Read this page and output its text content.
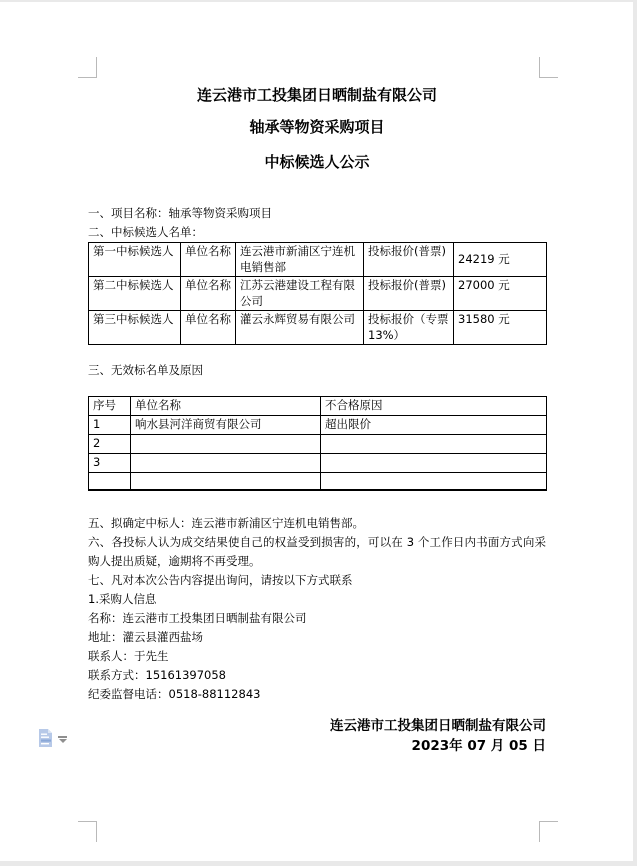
连云港市工投集团日晒制盐有限公司
轴承等物资采购项目
中标候选人公示

一、项目名称：轴承等物资采购项目

二、中标候选人名单：

第一中标候选人	单位名称	连云港市新浦区宁连机电销售部	投标报价(普票)	24219 元
第二中标候选人	单位名称	江苏云港建设工程有限公司	投标报价(普票)	27000 元
第三中标候选人	单位名称	灌云永辉贸易有限公司	投标报价（专票 13%）	31580 元

三、无效标名单及原因

序号	单位名称	不合格原因
1	响水县河洋商贸有限公司	超出限价
2		
3		

五、拟确定中标人：连云港市新浦区宁连机电销售部。

六、各投标人认为成交结果使自己的权益受到损害的，可以在 3 个工作日内书面方式向采购人提出质疑，逾期将不再受理。

七、凡对本次公告内容提出询问，请按以下方式联系

1.采购人信息

名称：连云港市工投集团日晒制盐有限公司

地址：灌云县灌西盐场

联系人：于先生

联系方式：15161397058

纪委监督电话：0518-88112843

连云港市工投集团日晒制盐有限公司

2023年 07 月 05 日
